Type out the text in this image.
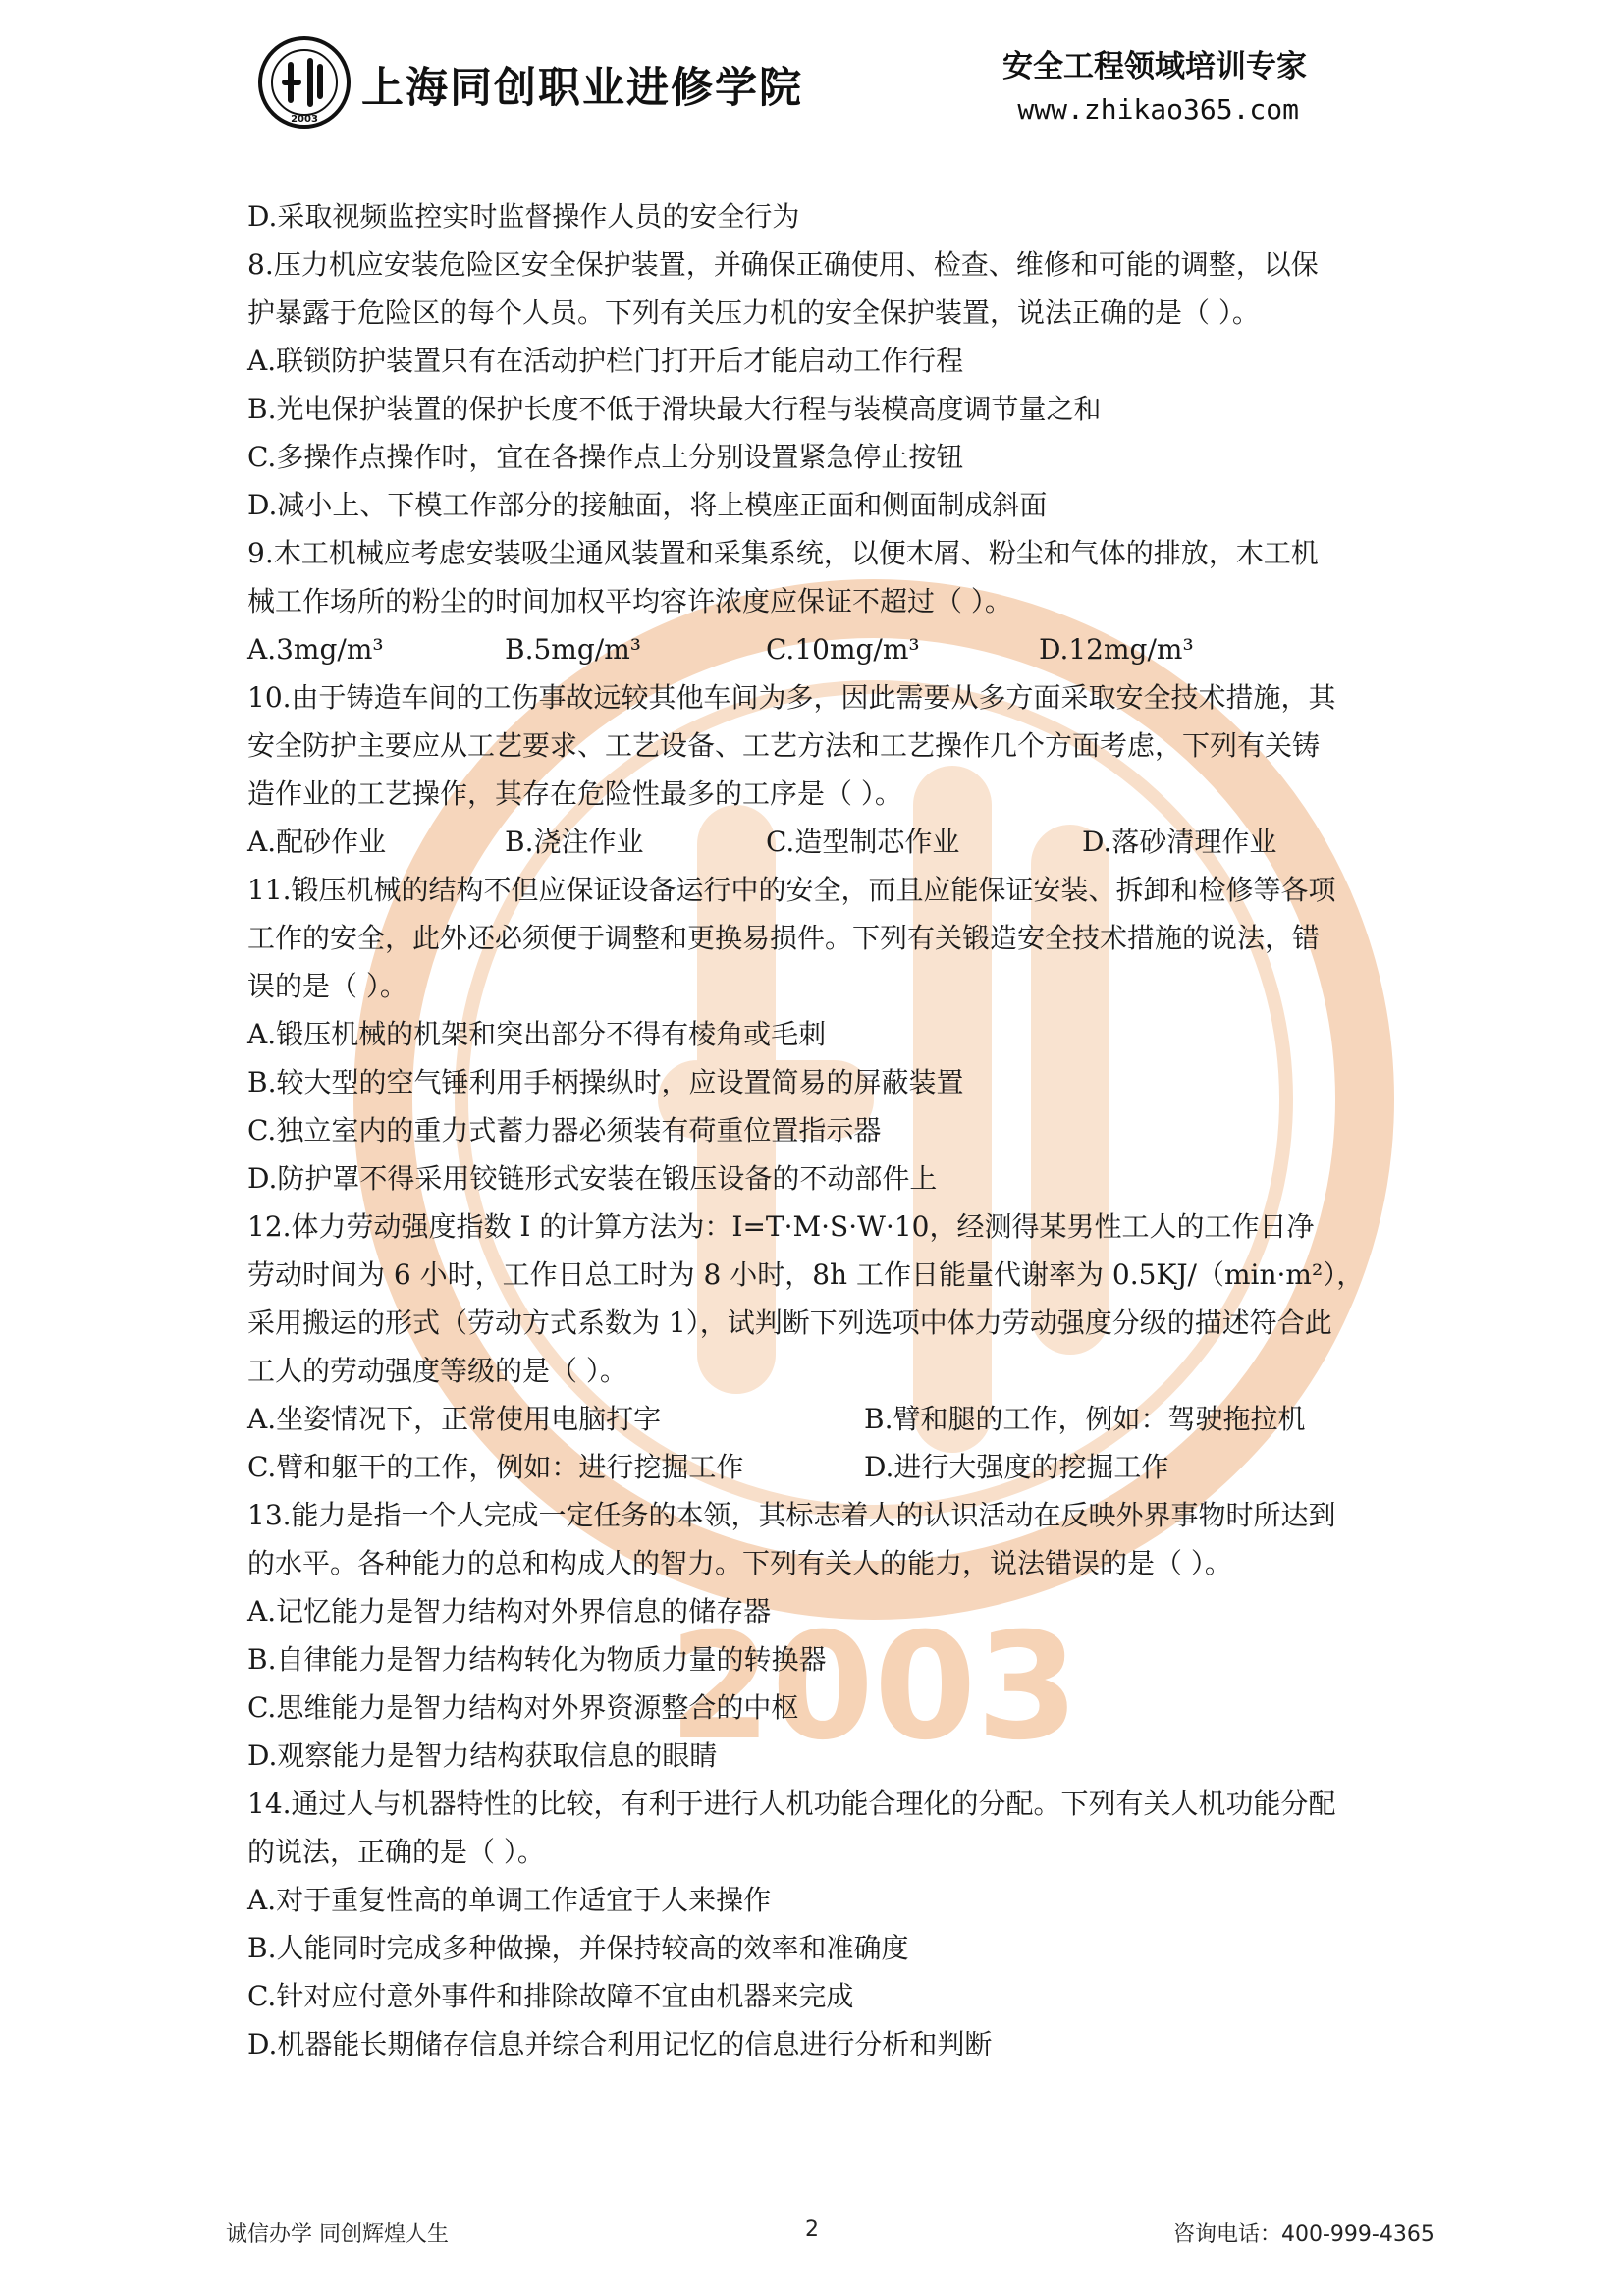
2003
2003
上海同创职业进修学院	安全工程领域培训专家
www.zhikao365.com
D.采取视频监控实时监督操作人员的安全行为
8.压力机应安装危险区安全保护装置，并确保正确使用、检查、维修和可能的调整，以保
护暴露于危险区的每个人员。下列有关压力机的安全保护装置，说法正确的是（ ）。
A.联锁防护装置只有在活动护栏门打开后才能启动工作行程
B.光电保护装置的保护长度不低于滑块最大行程与装模高度调节量之和
C.多操作点操作时，宜在各操作点上分别设置紧急停止按钮
D.减小上、下模工作部分的接触面，将上模座正面和侧面制成斜面
9.木工机械应考虑安装吸尘通风装置和采集系统，以便木屑、粉尘和气体的排放，木工机
械工作场所的粉尘的时间加权平均容许浓度应保证不超过（ ）。
A.3mg/m³	B.5mg/m³	C.10mg/m³	D.12mg/m³
10.由于铸造车间的工伤事故远较其他车间为多，因此需要从多方面采取安全技术措施，其
安全防护主要应从工艺要求、工艺设备、工艺方法和工艺操作几个方面考虑，下列有关铸
造作业的工艺操作，其存在危险性最多的工序是（ ）。
A.配砂作业	B.浇注作业	C.造型制芯作业	D.落砂清理作业
11.锻压机械的结构不但应保证设备运行中的安全，而且应能保证安装、拆卸和检修等各项
工作的安全，此外还必须便于调整和更换易损件。下列有关锻造安全技术措施的说法，错
误的是（ ）。
A.锻压机械的机架和突出部分不得有棱角或毛刺
B.较大型的空气锤利用手柄操纵时，应设置简易的屏蔽装置
C.独立室内的重力式蓄力器必须装有荷重位置指示器
D.防护罩不得采用铰链形式安装在锻压设备的不动部件上
12.体力劳动强度指数 I 的计算方法为：I=T·M·S·W·10，经测得某男性工人的工作日净
劳动时间为 6 小时，工作日总工时为 8 小时，8h 工作日能量代谢率为 0.5KJ/（min·m²），
采用搬运的形式（劳动方式系数为 1），试判断下列选项中体力劳动强度分级的描述符合此
工人的劳动强度等级的是（ ）。
A.坐姿情况下，正常使用电脑打字	B.臂和腿的工作，例如：驾驶拖拉机
C.臂和躯干的工作，例如：进行挖掘工作	D.进行大强度的挖掘工作
13.能力是指一个人完成一定任务的本领，其标志着人的认识活动在反映外界事物时所达到
的水平。各种能力的总和构成人的智力。下列有关人的能力，说法错误的是（ ）。
A.记忆能力是智力结构对外界信息的储存器
B.自律能力是智力结构转化为物质力量的转换器
C.思维能力是智力结构对外界资源整合的中枢
D.观察能力是智力结构获取信息的眼睛
14.通过人与机器特性的比较，有利于进行人机功能合理化的分配。下列有关人机功能分配
的说法，正确的是（ ）。
A.对于重复性高的单调工作适宜于人来操作
B.人能同时完成多种做操，并保持较高的效率和准确度
C.针对应付意外事件和排除故障不宜由机器来完成
D.机器能长期储存信息并综合利用记忆的信息进行分析和判断
诚信办学 同创辉煌人生	2	咨询电话：400-999-4365
